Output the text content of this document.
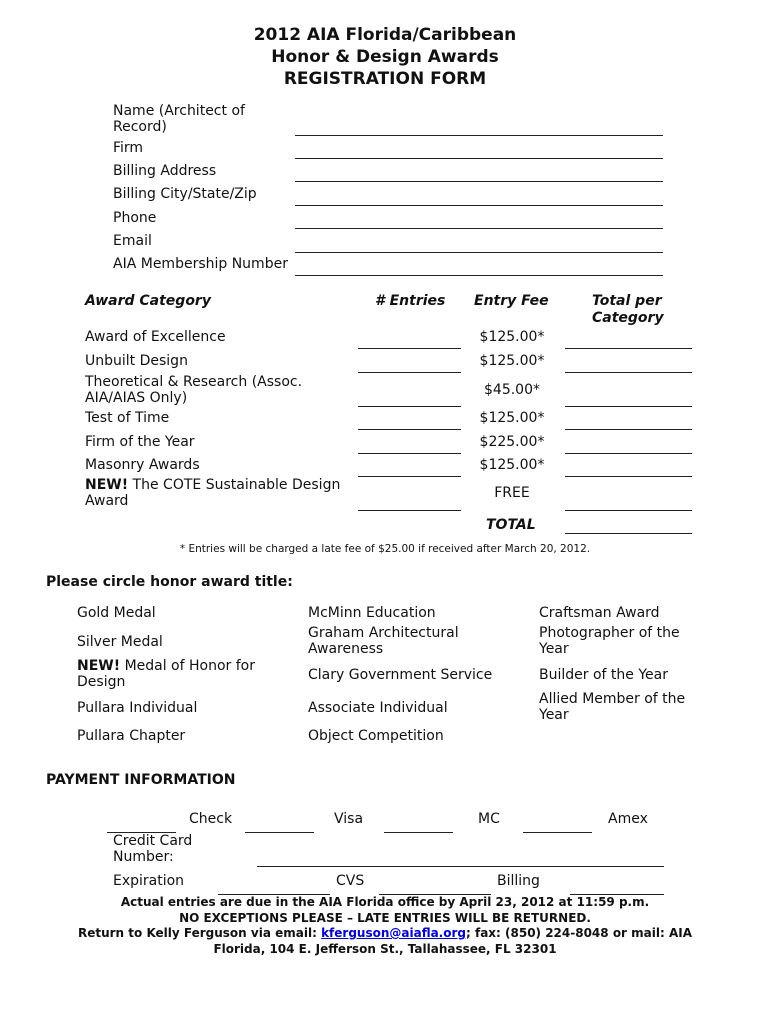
2012 AIA Florida/Caribbean
Honor & Design Awards
REGISTRATION FORM
Name (Architect of Record)
Firm
Billing Address
Billing City/State/Zip
Phone
Email
AIA Membership Number
Award Category	# Entries Entry Fee	Total per Category
Award of Excellence	$125.00*
Unbuilt Design	$125.00*
Theoretical & Research (Assoc. AIA/AIAS Only)	$45.00*
Test of Time	$125.00*
Firm of the Year	$225.00*
Masonry Awards	$125.00*
NEW! The COTE Sustainable Design Award	FREE
TOTAL
* Entries will be charged a late fee of $25.00 if received after March 20, 2012.
Please circle honor award title:
Gold Medal
Silver Medal
NEW! Medal of Honor for Design
Pullara Individual
Pullara Chapter
McMinn Education
Graham Architectural Awareness
Clary Government Service
Associate Individual
Object Competition
Craftsman Award
Photographer of the Year
Builder of the Year
Allied Member of the Year
PAYMENT INFORMATION
Check	Visa	MC	Amex
Credit Card Number:
Expiration	CVS	Billing
Actual entries are due in the AIA Florida office by April 23, 2012 at 11:59 p.m.
NO EXCEPTIONS PLEASE – LATE ENTRIES WILL BE RETURNED.
Return to Kelly Ferguson via email: kferguson@aiafla.org; fax: (850) 224-8048 or mail: AIA
Florida, 104 E. Jefferson St., Tallahassee, FL 32301
